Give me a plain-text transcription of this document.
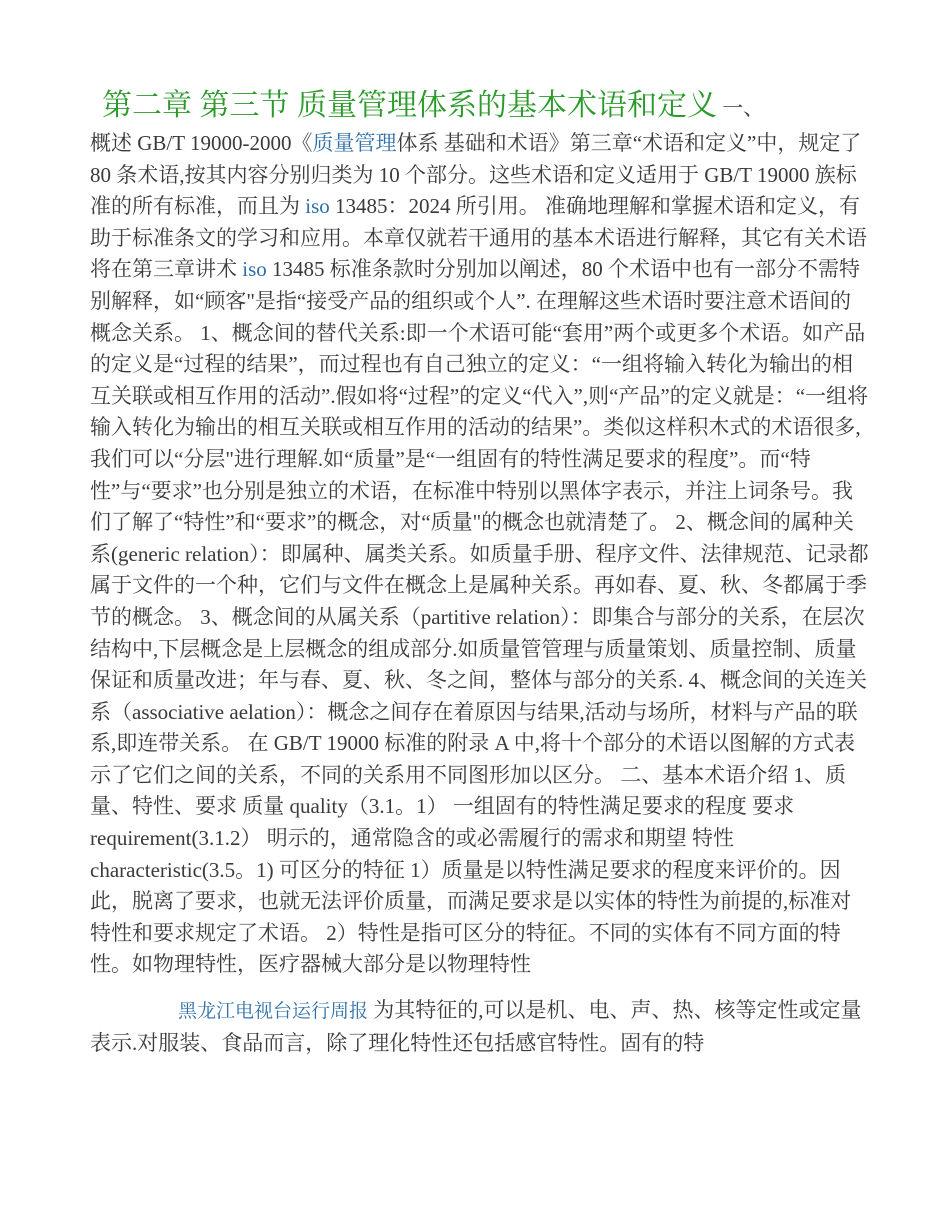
第二章 第三节 质量管理体系的基本术语和定义 一、
概述 GB/T 19000-2000《质量管理体系 基础和术语》第三章“术语和定义”中，规定了 80 条术语,按其内容分别归类为 10 个部分。这些术语和定义适用于 GB/T 19000 族标准的所有标准，而且为 iso 13485：2024 所引用。 准确地理解和掌握术语和定义，有助于标准条文的学习和应用。本章仅就若干通用的基本术语进行解释，其它有关术语将在第三章讲术 iso 13485 标准条款时分别加以阐述，80 个术语中也有一部分不需特别解释，如“顾客"是指“接受产品的组织或个人”. 在理解这些术语时要注意术语间的概念关系。 1、概念间的替代关系:即一个术语可能“套用”两个或更多个术语。如产品的定义是“过程的结果”，而过程也有自己独立的定义：“一组将输入转化为输出的相互关联或相互作用的活动”.假如将“过程”的定义“代入”,则“产品”的定义就是：“一组将输入转化为输出的相互关联或相互作用的活动的结果”。类似这样积木式的术语很多,我们可以“分层"进行理解.如“质量”是“一组固有的特性满足要求的程度”。而“特性”与“要求”也分别是独立的术语，在标准中特别以黑体字表示，并注上词条号。我们了解了“特性”和“要求”的概念，对“质量"的概念也就清楚了。 2、概念间的属种关系(generic relation）：即属种、属类关系。如质量手册、程序文件、法律规范、记录都属于文件的一个种，它们与文件在概念上是属种关系。再如春、夏、秋、冬都属于季节的概念。 3、概念间的从属关系（partitive relation）：即集合与部分的关系，在层次结构中,下层概念是上层概念的组成部分.如质量管管理与质量策划、质量控制、质量保证和质量改进；年与春、夏、秋、冬之间，整体与部分的关系. 4、概念间的关连关系（associative aelation）：概念之间存在着原因与结果,活动与场所，材料与产品的联系,即连带关系。 在 GB/T 19000 标准的附录 A 中,将十个部分的术语以图解的方式表示了它们之间的关系，不同的关系用不同图形加以区分。 二、基本术语介绍 1、质量、特性、要求 质量 quality（3.1。1） 一组固有的特性满足要求的程度 要求 requirement(3.1.2） 明示的，通常隐含的或必需履行的需求和期望 特性 characteristic(3.5。1) 可区分的特征 1）质量是以特性满足要求的程度来评价的。因此，脱离了要求，也就无法评价质量，而满足要求是以实体的特性为前提的,标准对特性和要求规定了术语。 2）特性是指可区分的特征。不同的实体有不同方面的特性。如物理特性，医疗器械大部分是以物理特性
黑龙江电视台运行周报 为其特征的,可以是机、电、声、热、核等定性或定量表示.对服装、食品而言，除了理化特性还包括感官特性。固有的特
